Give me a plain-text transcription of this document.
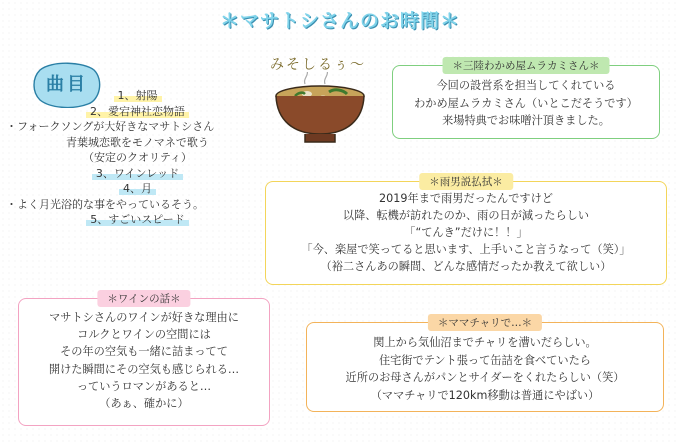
＊マサトシさんのお時間＊
曲目
1、射陽
2、愛宕神社恋物語
・フォークソングが大好きなマサトシさん
青葉城恋歌をモノマネで歌う
（安定のクオリティ）
3、ワインレッド
4、月
・よく月光浴的な事をやっているそう。
5、すごいスピード
みそしるぅ〜	＊三陸わかめ屋ムラカミさん＊
今回の設営系を担当してくれている
わかめ屋ムラカミさん（いとこだそうです）
来場特典でお味噌汁頂きました。
＊雨男説払拭＊
2019年まで雨男だったんですけど
以降、転機が訪れたのか、雨の日が減ったらしい
「“てんき”だけに！！」
「今、楽屋で笑ってると思います、上手いこと言うなって（笑）」
（裕二さんあの瞬間、どんな感情だったか教えて欲しい）
＊ワインの話＊
マサトシさんのワインが好きな理由に
コルクとワインの空間には
その年の空気も一緒に詰まってて
開けた瞬間にその空気も感じられる…
っていうロマンがあると…
（あぁ、確かに）
＊ママチャリで…＊
関上から気仙沼までチャリを漕いだらしい。
住宅街でテント張って缶詰を食べていたら
近所のお母さんがパンとサイダーをくれたらしい（笑）
（ママチャリで120km移動は普通にやばい）
